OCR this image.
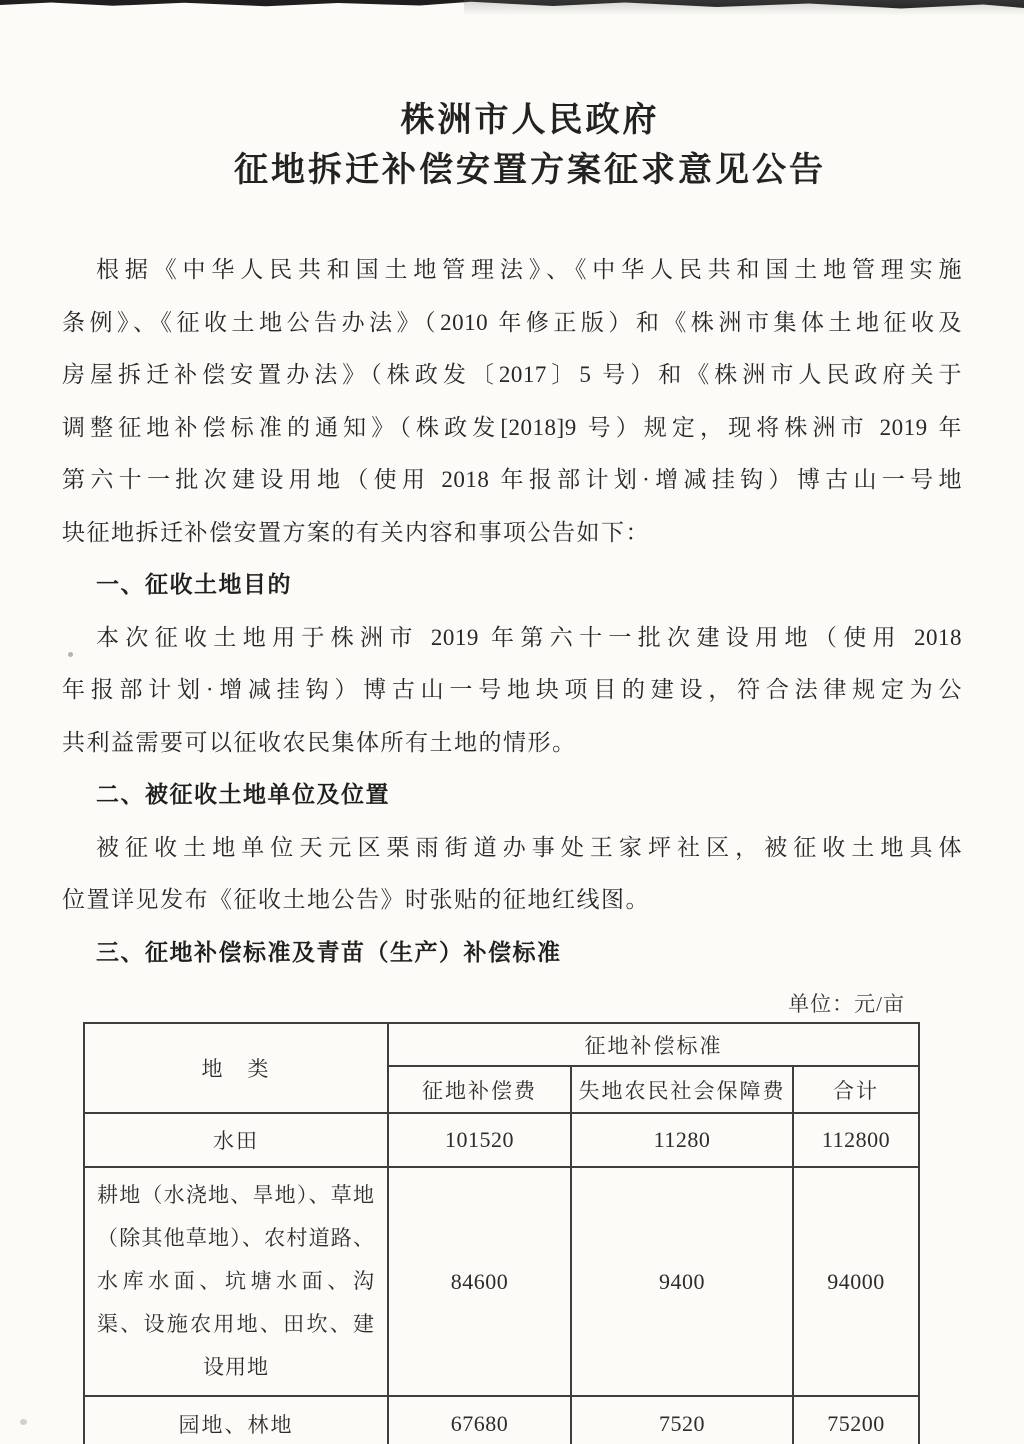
株洲市人民政府
征地拆迁补偿安置方案征求意见公告
根据《中华人民共和国土地管理法》、《中华人民共和国土地管理实施
条例》、《征收土地公告办法》（2010 年修正版）和《株洲市集体土地征收及
房屋拆迁补偿安置办法》（株政发〔2017〕5 号）和《株洲市人民政府关于
调整征地补偿标准的通知》（株政发[2018]9 号）规定，现将株洲市 2019 年
第六十一批次建设用地（使用 2018 年报部计划·增减挂钩）博古山一号地
块征地拆迁补偿安置方案的有关内容和事项公告如下：
一、征收土地目的
本次征收土地用于株洲市 2019 年第六十一批次建设用地（使用 2018
年报部计划·增减挂钩）博古山一号地块项目的建设，符合法律规定为公
共利益需要可以征收农民集体所有土地的情形。
二、被征收土地单位及位置
被征收土地单位天元区栗雨街道办事处王家坪社区，被征收土地具体
位置详见发布《征收土地公告》时张贴的征地红线图。
三、征地补偿标准及青苗（生产）补偿标准
单位：元/亩
地　类	征地补偿标准		
	征地补偿费	失地农民社会保障费	合计
水田	101520	11280	112800
耕地（水浇地、旱地）、草地（除其他草地）、农村道路、水库水面、坑塘水面、沟渠、设施农用地、田坎、建设用地	84600	9400	94000
园地、林地	67680	7520	75200
